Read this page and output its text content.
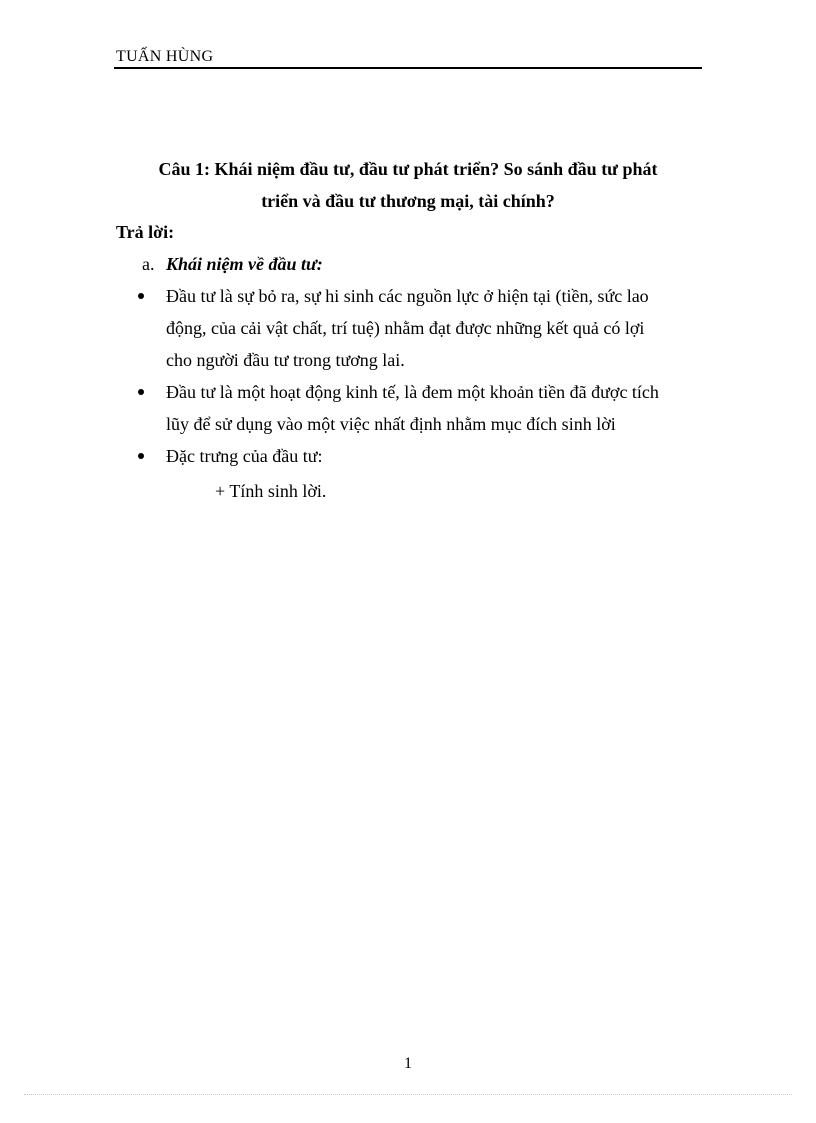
TUẤN HÙNG
Câu 1: Khái niệm đầu tư, đầu tư phát triển? So sánh đầu tư phát
triển và đầu tư thương mại, tài chính?
Trả lời:
a. Khái niệm về đầu tư:
Đầu tư là sự bỏ ra, sự hi sinh các nguồn lực ở hiện tại (tiền, sức lao
động, của cải vật chất, trí tuệ) nhằm đạt được những kết quả có lợi
cho người đầu tư trong tương lai.
Đầu tư là một hoạt động kinh tế, là đem một khoản tiền đã được tích
lũy để sử dụng vào một việc nhất định nhằm mục đích sinh lời
Đặc trưng của đầu tư:
+ Tính sinh lời.
1
